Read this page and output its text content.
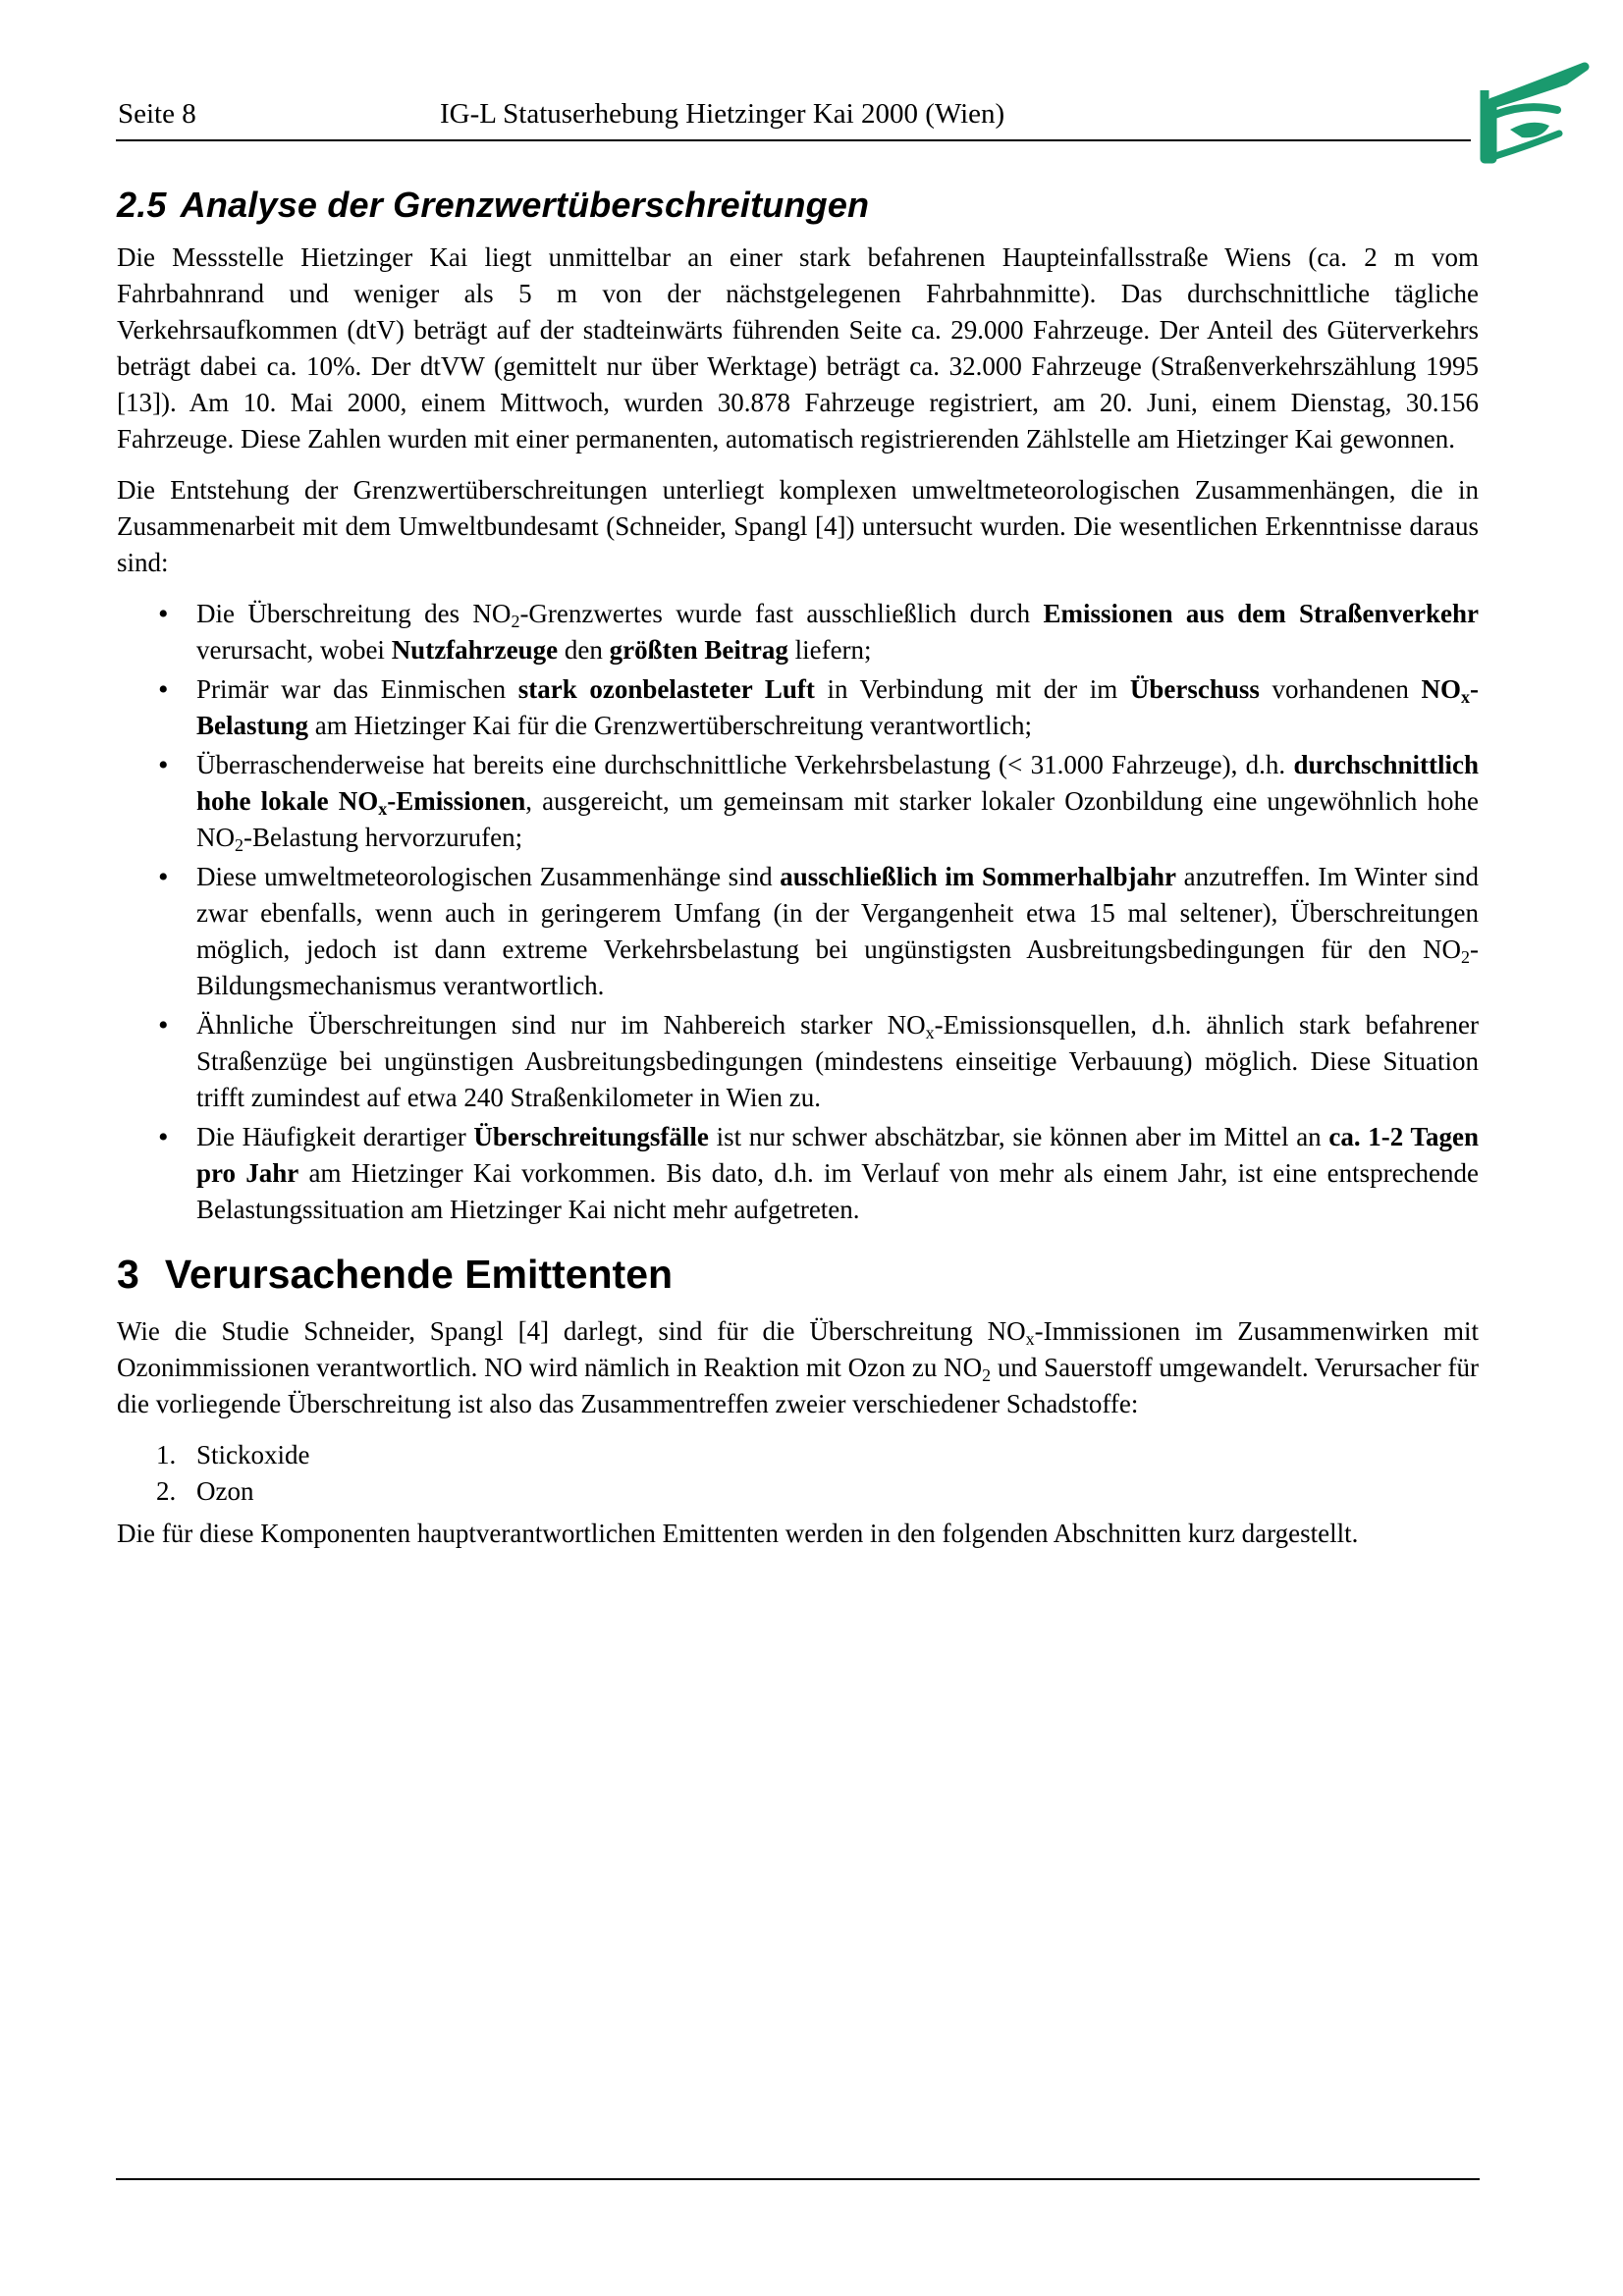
Seite 8	IG-L Statuserhebung Hietzinger Kai 2000 (Wien)
2.5 Analyse der Grenzwertüberschreitungen

Die Messstelle Hietzinger Kai liegt unmittelbar an einer stark befahrenen Haupteinfallsstraße Wiens (ca. 2 m vom Fahrbahnrand und weniger als 5 m von der nächstgelegenen Fahrbahnmitte). Das durchschnittliche tägliche Verkehrsaufkommen (dtV) beträgt auf der stadteinwärts führenden Seite ca. 29.000 Fahrzeuge. Der Anteil des Güterverkehrs beträgt dabei ca. 10%. Der dtVW (gemittelt nur über Werktage) beträgt ca. 32.000 Fahrzeuge (Straßenverkehrszählung 1995 [13]). Am 10. Mai 2000, einem Mittwoch, wurden 30.878 Fahrzeuge registriert, am 20. Juni, einem Dienstag, 30.156 Fahrzeuge. Diese Zahlen wurden mit einer permanenten, automatisch registrierenden Zählstelle am Hietzinger Kai gewonnen.

Die Entstehung der Grenzwertüberschreitungen unterliegt komplexen umweltmeteorologischen Zusammenhängen, die in Zusammenarbeit mit dem Umweltbundesamt (Schneider, Spangl [4]) untersucht wurden. Die wesentlichen Erkenntnisse daraus sind:

• Die Überschreitung des $NO_2$-Grenzwertes wurde fast ausschließlich durch Emissionen aus dem Straßenverkehr verursacht, wobei Nutzfahrzeuge den größten Beitrag liefern;
• Primär war das Einmischen stark ozonbelasteter Luft in Verbindung mit der im Überschuss vorhandenen $NO_x$-Belastung am Hietzinger Kai für die Grenzwertüberschreitung verantwortlich;
• Überraschenderweise hat bereits eine durchschnittliche Verkehrsbelastung (< 31.000 Fahrzeuge), d.h. durchschnittlich hohe lokale $NO_x$-Emissionen, ausgereicht, um gemeinsam mit starker lokaler Ozonbildung eine ungewöhnlich hohe $NO_2$-Belastung hervorzurufen;
• Diese umweltmeteorologischen Zusammenhänge sind ausschließlich im Sommerhalbjahr anzutreffen. Im Winter sind zwar ebenfalls, wenn auch in geringerem Umfang (in der Vergangenheit etwa 15 mal seltener), Überschreitungen möglich, jedoch ist dann extreme Verkehrsbelastung bei ungünstigsten Ausbreitungsbedingungen für den $NO_2$-Bildungsmechanismus verantwortlich.
• Ähnliche Überschreitungen sind nur im Nahbereich starker $NO_x$-Emissionsquellen, d.h. ähnlich stark befahrener Straßenzüge bei ungünstigen Ausbreitungsbedingungen (mindestens einseitige Verbauung) möglich. Diese Situation trifft zumindest auf etwa 240 Straßenkilometer in Wien zu.
• Die Häufigkeit derartiger Überschreitungsfälle ist nur schwer abschätzbar, sie können aber im Mittel an ca. 1-2 Tagen pro Jahr am Hietzinger Kai vorkommen. Bis dato, d.h. im Verlauf von mehr als einem Jahr, ist eine entsprechende Belastungssituation am Hietzinger Kai nicht mehr aufgetreten.
3 Verursachende Emittenten

Wie die Studie Schneider, Spangl [4] darlegt, sind für die Überschreitung $NO_x$-Immissionen im Zusammenwirken mit Ozonimmissionen verantwortlich. NO wird nämlich in Reaktion mit Ozon zu $NO_2$ und Sauerstoff umgewandelt. Verursacher für die vorliegende Überschreitung ist also das Zusammentreffen zweier verschiedener Schadstoffe:

1. Stickoxide
2. Ozon

Die für diese Komponenten hauptverantwortlichen Emittenten werden in den folgenden Abschnitten kurz dargestellt.
